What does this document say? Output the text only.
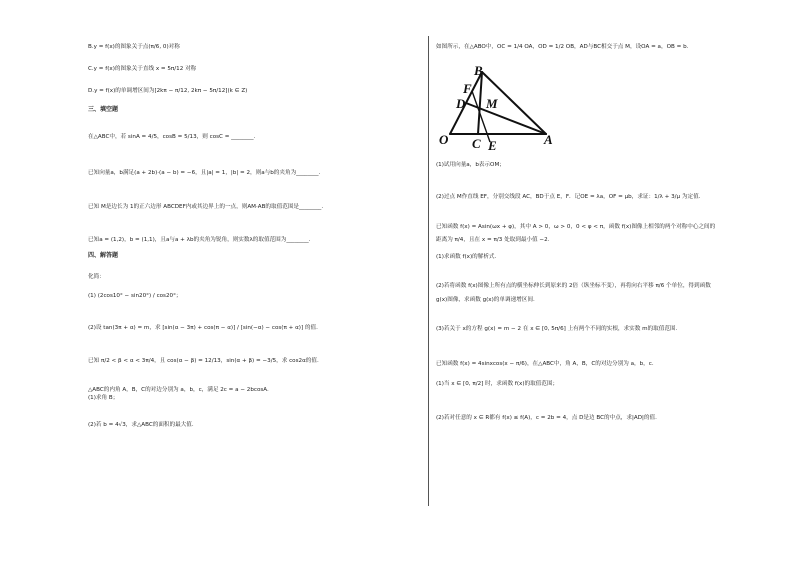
B.y = f(x)的图象关于点(π/6, 0)对称
C.y = f(x)的图象关于直线 x = 5π/12 对称
D.y = f(x)的单调增区间为[2kπ − π/12, 2kπ − 5π/12](k ∈ Z)
三、填空题
在△ABC中，若 sinA = 4/5，cosB = 5/13，则 cosC = ________.
已知向量a，b满足(a + 2b)·(a − b) = −6，且|a| = 1，|b| = 2，则a与b的夹角为________.
已知 M是边长为 1的正六边形 ABCDEF内或其边界上的一点，则AM·AB的取值范围是________.
已知a = (1,2)，b = (1,1)，且a与a + λb的夹角为锐角，则实数λ的取值范围为________.
四、解答题
化简：
(1) (2cos10° − sin20°) / cos20°；
(2)设 tan(3π + α) = m，求 [sin(α − 3π) + cos(π − α)] / [sin(−α) − cos(π + α)] 的值.
已知 π/2 < β < α < 3π/4，且 cos(α − β) = 12/13，sin(α + β) = −3/5，求 cos2α的值.
△ABC的内角 A，B，C的对边分别为 a，b，c，满足 2c = a − 2bcosA.
(1)求角 B；
(2)若 b = 4√3，求△ABC的面积的最大值.
如图所示，在△ABO中，OC = 1/4 OA，OD = 1/2 OB，AD与BC相交于点 M，设OA = a，OB = b.
(1)试用向量a，b表示OM；
(2)过点 M作直线 EF，分别交线段 AC，BD于点 E，F．记OE = λa，OF = μb，求证：1/λ + 3/μ 为定值.
已知函数 f(x) = Asin(ωx + φ)，其中 A > 0，ω > 0，0 < φ < π，函数 f(x)图像上相邻的两个对称中心之间的
距离为 π/4，且在 x = π/3 处取到最小值 −2.
(1)求函数 f(x)的解析式.
(2)若将函数 f(x)图像上所有点的横坐标伸长到原来的 2倍（纵坐标不变），再将向右平移 π/6 个单位，得到函数
g(x)图像，求函数 g(x)的单调递增区间.
(3)若关于 x的方程 g(x) = m − 2 在 x ∈ [0, 5π/6] 上有两个不同的实根，求实数 m的取值范围.
已知函数 f(x) = 4sinxcos(x − π/6)，在△ABC中，角 A，B，C的对边分别为 a，b，c.
(1)当 x ∈ [0, π/2] 时，求函数 f(x)的取值范围；
(2)若对任意的 x ∈ R都有 f(x) ≤ f(A)，c = 2b = 4，点 D是边 BC的中点，求|AD|的值.
B
F
D M
O C	A
E
